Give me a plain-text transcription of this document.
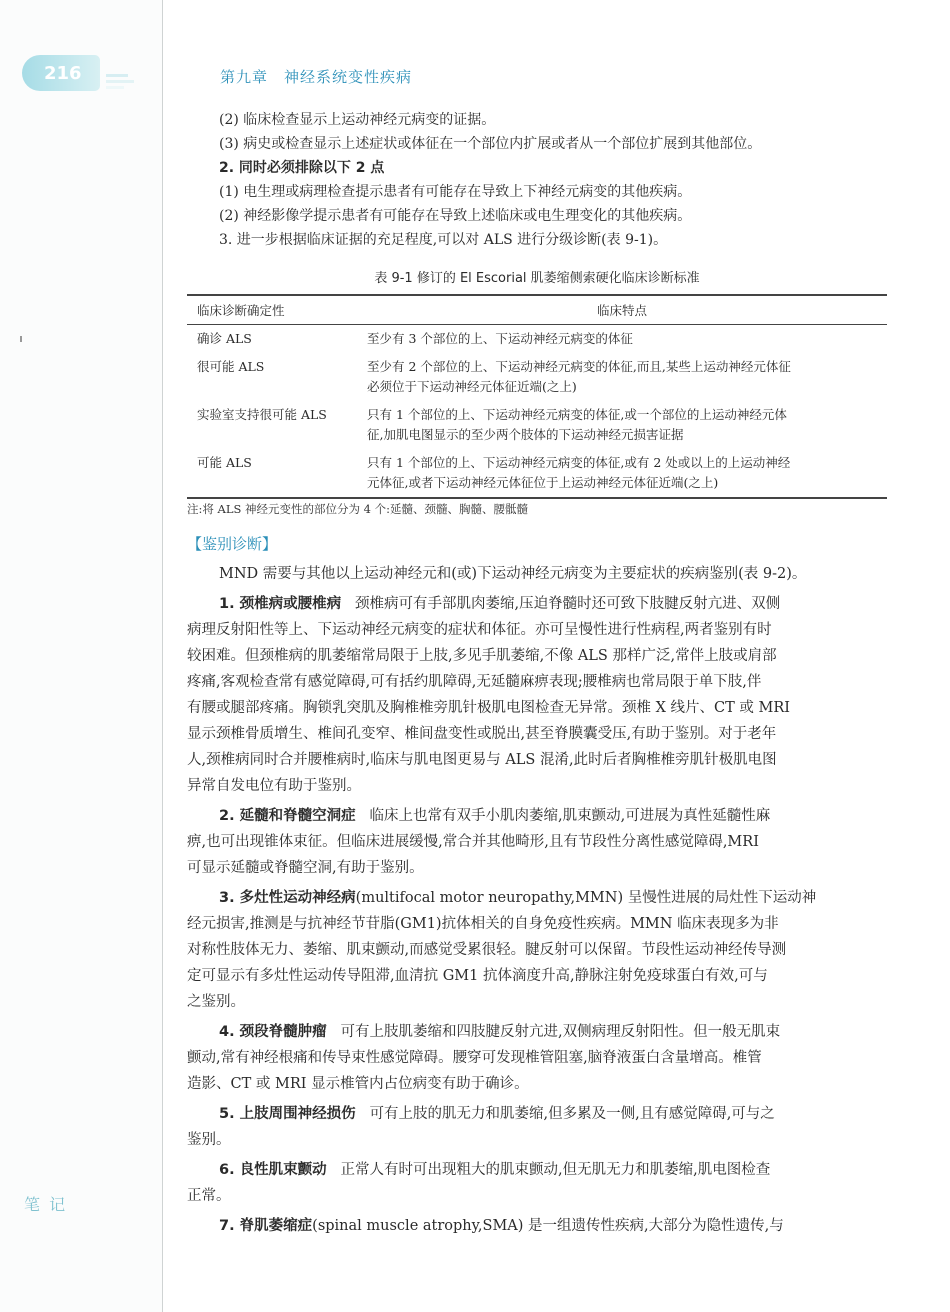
216	第九章 神经系统变性疾病
笔 记
(2) 临床检查显示上运动神经元病变的证据。
(3) 病史或检查显示上述症状或体征在一个部位内扩展或者从一个部位扩展到其他部位。
2. 同时必须排除以下 2 点
(1) 电生理或病理检查提示患者有可能存在导致上下神经元病变的其他疾病。
(2) 神经影像学提示患者有可能存在导致上述临床或电生理变化的其他疾病。
3. 进一步根据临床证据的充足程度,可以对 ALS 进行分级诊断(表 9-1)。
表 9-1 修订的 El Escorial 肌萎缩侧索硬化临床诊断标准
临床诊断确定性	临床特点
确诊 ALS	至少有 3 个部位的上、下运动神经元病变的体征

很可能 ALS	至少有 2 个部位的上、下运动神经元病变的体征,而且,某些上运动神经元体征
必须位于下运动神经元体征近端(之上)

实验室支持很可能 ALS	只有 1 个部位的上、下运动神经元病变的体征,或一个部位的上运动神经元体
征,加肌电图显示的至少两个肢体的下运动神经元损害证据

可能 ALS	只有 1 个部位的上、下运动神经元病变的体征,或有 2 处或以上的上运动神经
元体征,或者下运动神经元体征位于上运动神经元体征近端(之上)
注:将 ALS 神经元变性的部位分为 4 个:延髓、颈髓、胸髓、腰骶髓
【鉴别诊断】
MND 需要与其他以上运动神经元和(或)下运动神经元病变为主要症状的疾病鉴别(表 9-2)。
1. 颈椎病或腰椎病 颈椎病可有手部肌肉萎缩,压迫脊髓时还可致下肢腱反射亢进、双侧
病理反射阳性等上、下运动神经元病变的症状和体征。亦可呈慢性进行性病程,两者鉴别有时
较困难。但颈椎病的肌萎缩常局限于上肢,多见手肌萎缩,不像 ALS 那样广泛,常伴上肢或肩部
疼痛,客观检查常有感觉障碍,可有括约肌障碍,无延髓麻痹表现;腰椎病也常局限于单下肢,伴
有腰或腿部疼痛。胸锁乳突肌及胸椎椎旁肌针极肌电图检查无异常。颈椎 X 线片、CT 或 MRI
显示颈椎骨质增生、椎间孔变窄、椎间盘变性或脱出,甚至脊膜囊受压,有助于鉴别。对于老年
人,颈椎病同时合并腰椎病时,临床与肌电图更易与 ALS 混淆,此时后者胸椎椎旁肌针极肌电图
异常自发电位有助于鉴别。
2. 延髓和脊髓空洞症 临床上也常有双手小肌肉萎缩,肌束颤动,可进展为真性延髓性麻
痹,也可出现锥体束征。但临床进展缓慢,常合并其他畸形,且有节段性分离性感觉障碍,MRI
可显示延髓或脊髓空洞,有助于鉴别。
3. 多灶性运动神经病(multifocal motor neuropathy,MMN) 呈慢性进展的局灶性下运动神
经元损害,推测是与抗神经节苷脂(GM1)抗体相关的自身免疫性疾病。MMN 临床表现多为非
对称性肢体无力、萎缩、肌束颤动,而感觉受累很轻。腱反射可以保留。节段性运动神经传导测
定可显示有多灶性运动传导阻滞,血清抗 GM1 抗体滴度升高,静脉注射免疫球蛋白有效,可与
之鉴别。
4. 颈段脊髓肿瘤 可有上肢肌萎缩和四肢腱反射亢进,双侧病理反射阳性。但一般无肌束
颤动,常有神经根痛和传导束性感觉障碍。腰穿可发现椎管阻塞,脑脊液蛋白含量增高。椎管
造影、CT 或 MRI 显示椎管内占位病变有助于确诊。
5. 上肢周围神经损伤 可有上肢的肌无力和肌萎缩,但多累及一侧,且有感觉障碍,可与之
鉴别。
6. 良性肌束颤动 正常人有时可出现粗大的肌束颤动,但无肌无力和肌萎缩,肌电图检查
正常。
7. 脊肌萎缩症(spinal muscle atrophy,SMA) 是一组遗传性疾病,大部分为隐性遗传,与
